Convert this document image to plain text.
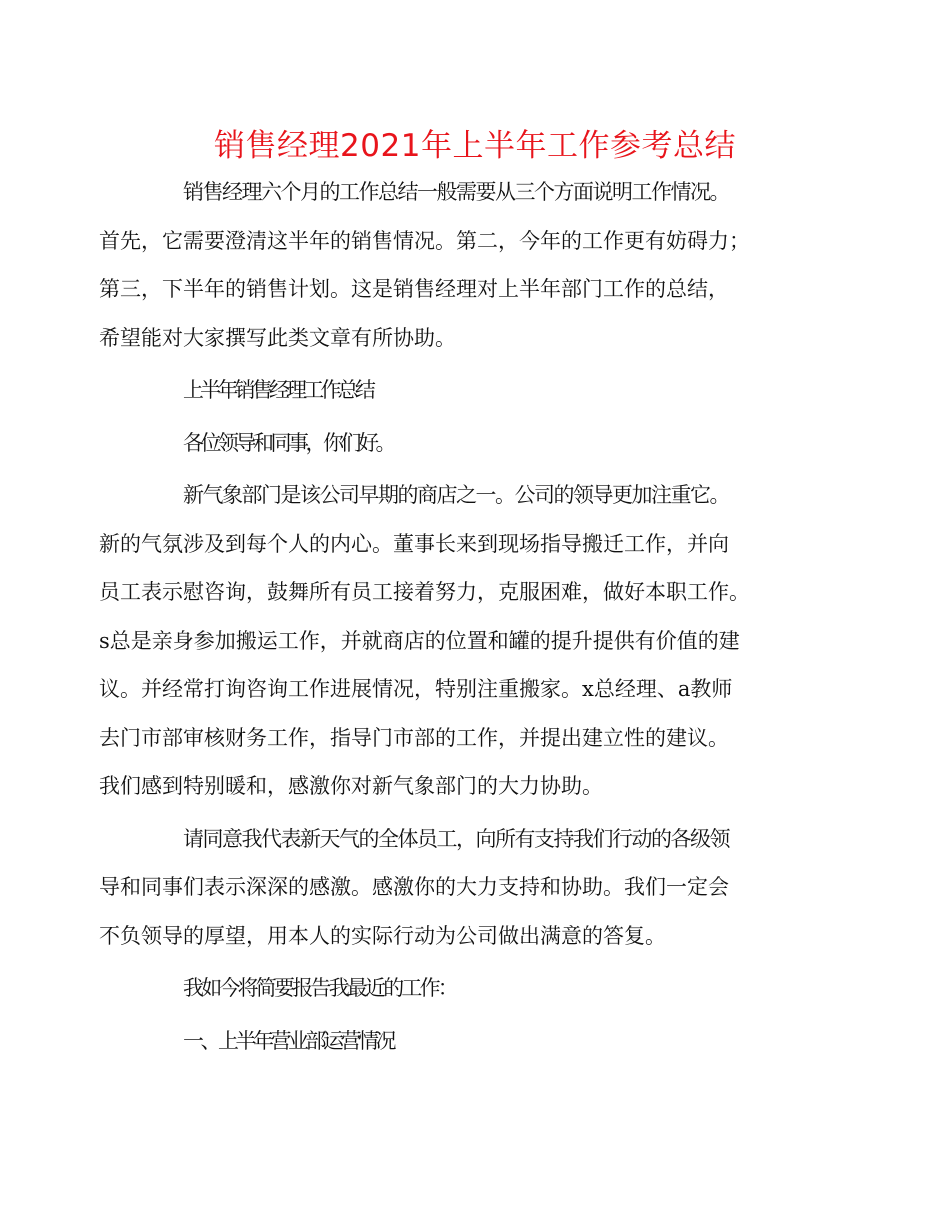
销售经理2021年上半年工作参考总结

销售经理六个月的工作总结一般需要从三个方面说明工作情况。
首先，它需要澄清这半年的销售情况。第二，今年的工作更有妨碍力；
第三，下半年的销售计划。这是销售经理对上半年部门工作的总结，
希望能对大家撰写此类文章有所协助。

上半年销售经理工作总结

各位领导和同事，你们好。

新气象部门是该公司早期的商店之一。公司的领导更加注重它。
新的气氛涉及到每个人的内心。董事长来到现场指导搬迁工作，并向
员工表示慰咨询，鼓舞所有员工接着努力，克服困难，做好本职工作。
s总是亲身参加搬运工作，并就商店的位置和罐的提升提供有价值的建
议。并经常打询咨询工作进展情况，特别注重搬家。x总经理、a教师
去门市部审核财务工作，指导门市部的工作，并提出建立性的建议。
我们感到特别暖和，感激你对新气象部门的大力协助。

请同意我代表新天气的全体员工，向所有支持我们行动的各级领
导和同事们表示深深的感激。感激你的大力支持和协助。我们一定会
不负领导的厚望，用本人的实际行动为公司做出满意的答复。

我如今将简要报告我最近的工作：

一、上半年营业部运营情况
